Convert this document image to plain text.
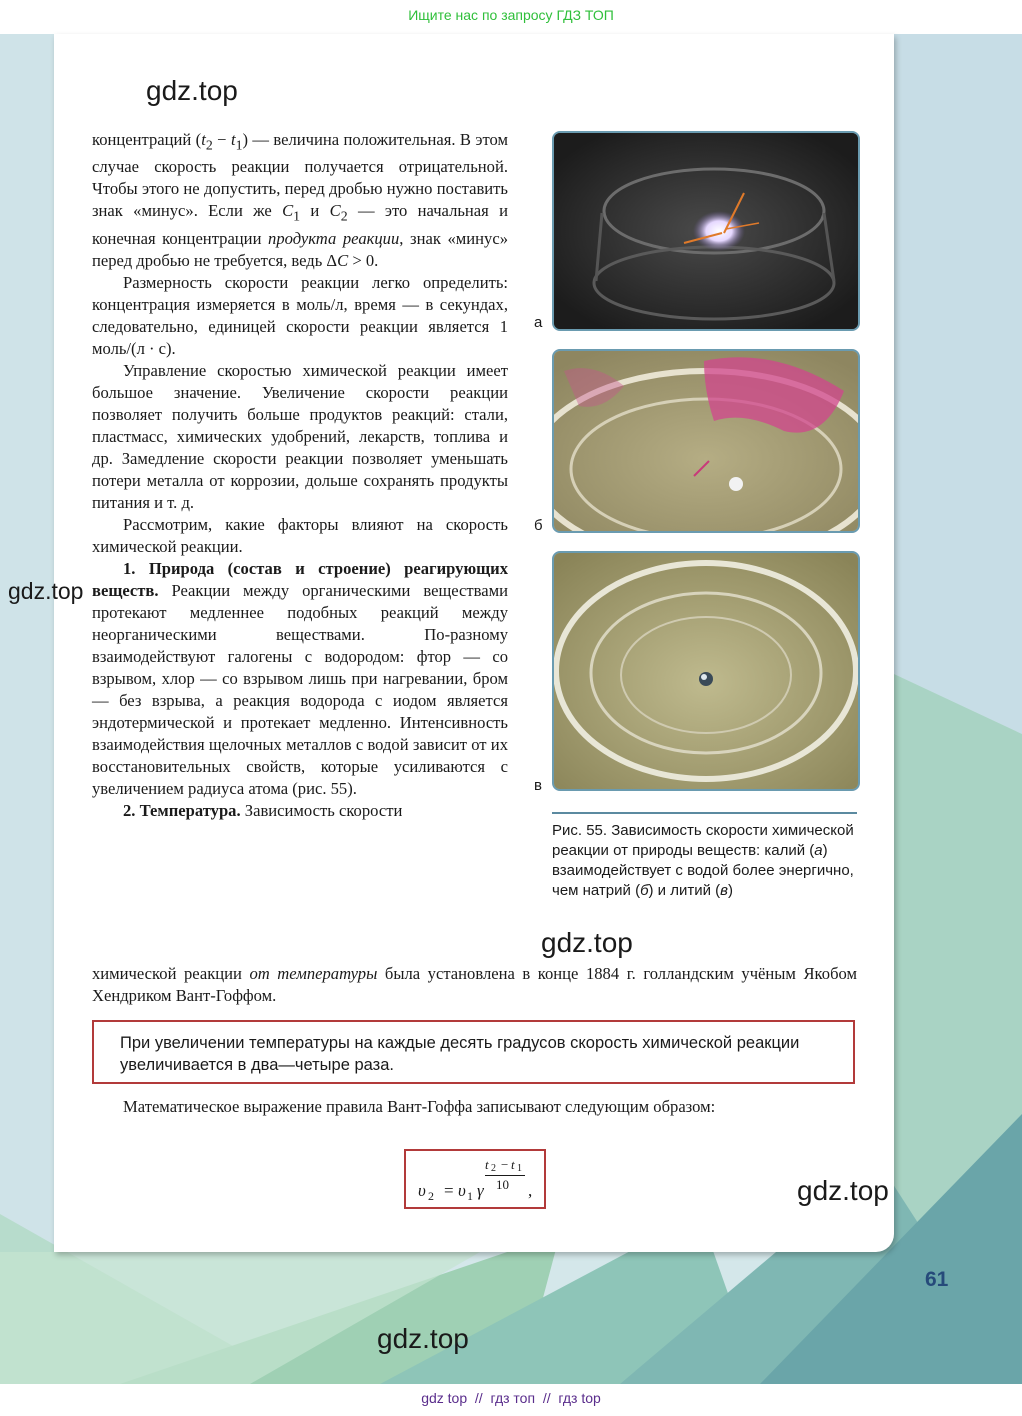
Ищите нас по запросу ГДЗ ТОП
gdz.top
gdz.top
gdz.top
gdz.top
gdz.top

концентраций $(t_2 - t_1)$ — величина положительная. В этом случае скорость реакции получается отрицательной. Чтобы этого не допустить, перед дробью нужно поставить знак «минус». Если же $C_1$ и $C_2$ — это начальная и конечная концентрации продукта реакции, знак «минус» перед дробью не требуется, ведь ΔC > 0.

Размерность скорости реакции легко определить: концентрация измеряется в моль/л, время — в секундах, следовательно, единицей скорости реакции является 1 моль/(л · с).

Управление скоростью химической реакции имеет большое значение. Увеличение скорости реакции позволяет получить больше продуктов реакций: стали, пластмасс, химических удобрений, лекарств, топлива и др. Замедление скорости реакции позволяет уменьшать потери металла от коррозии, дольше сохранять продукты питания и т. д.

Рассмотрим, какие факторы влияют на скорость химической реакции.

1. Природа (состав и строение) реагирующих веществ. Реакции между органическими веществами протекают медленнее подобных реакций между неорганическими веществами. По-разному взаимодействуют галогены с водородом: фтор — со взрывом, хлор — со взрывом лишь при нагревании, бром — без взрыва, а реакция водорода с иодом является эндотермической и протекает медленно. Интенсивность взаимодействия щелочных металлов с водой зависит от их восстановительных свойств, которые усиливаются с увеличением радиуса атома (рис. 55).

2. Температура. Зависимость скорости

химической реакции от температуры была установлена в конце 1884 г. голландским учёным Якобом Хендриком Вант-Гоффом.

а
б
в
Рис. 55. Зависимость скорости химической реакции от природы веществ: калий (а) взаимодействует с водой более энергично, чем натрий (б) и литий (в)

При увеличении температуры на каждые десять градусов скорость химической реакции увеличивается в два—четыре раза.

Математическое выражение правила Вант-Гоффа записывают следующим образом:

υ 2 = υ 1 γ
t 2 − t 1
10 ,
61
gdz top  //  гдз топ  //  гдз top
